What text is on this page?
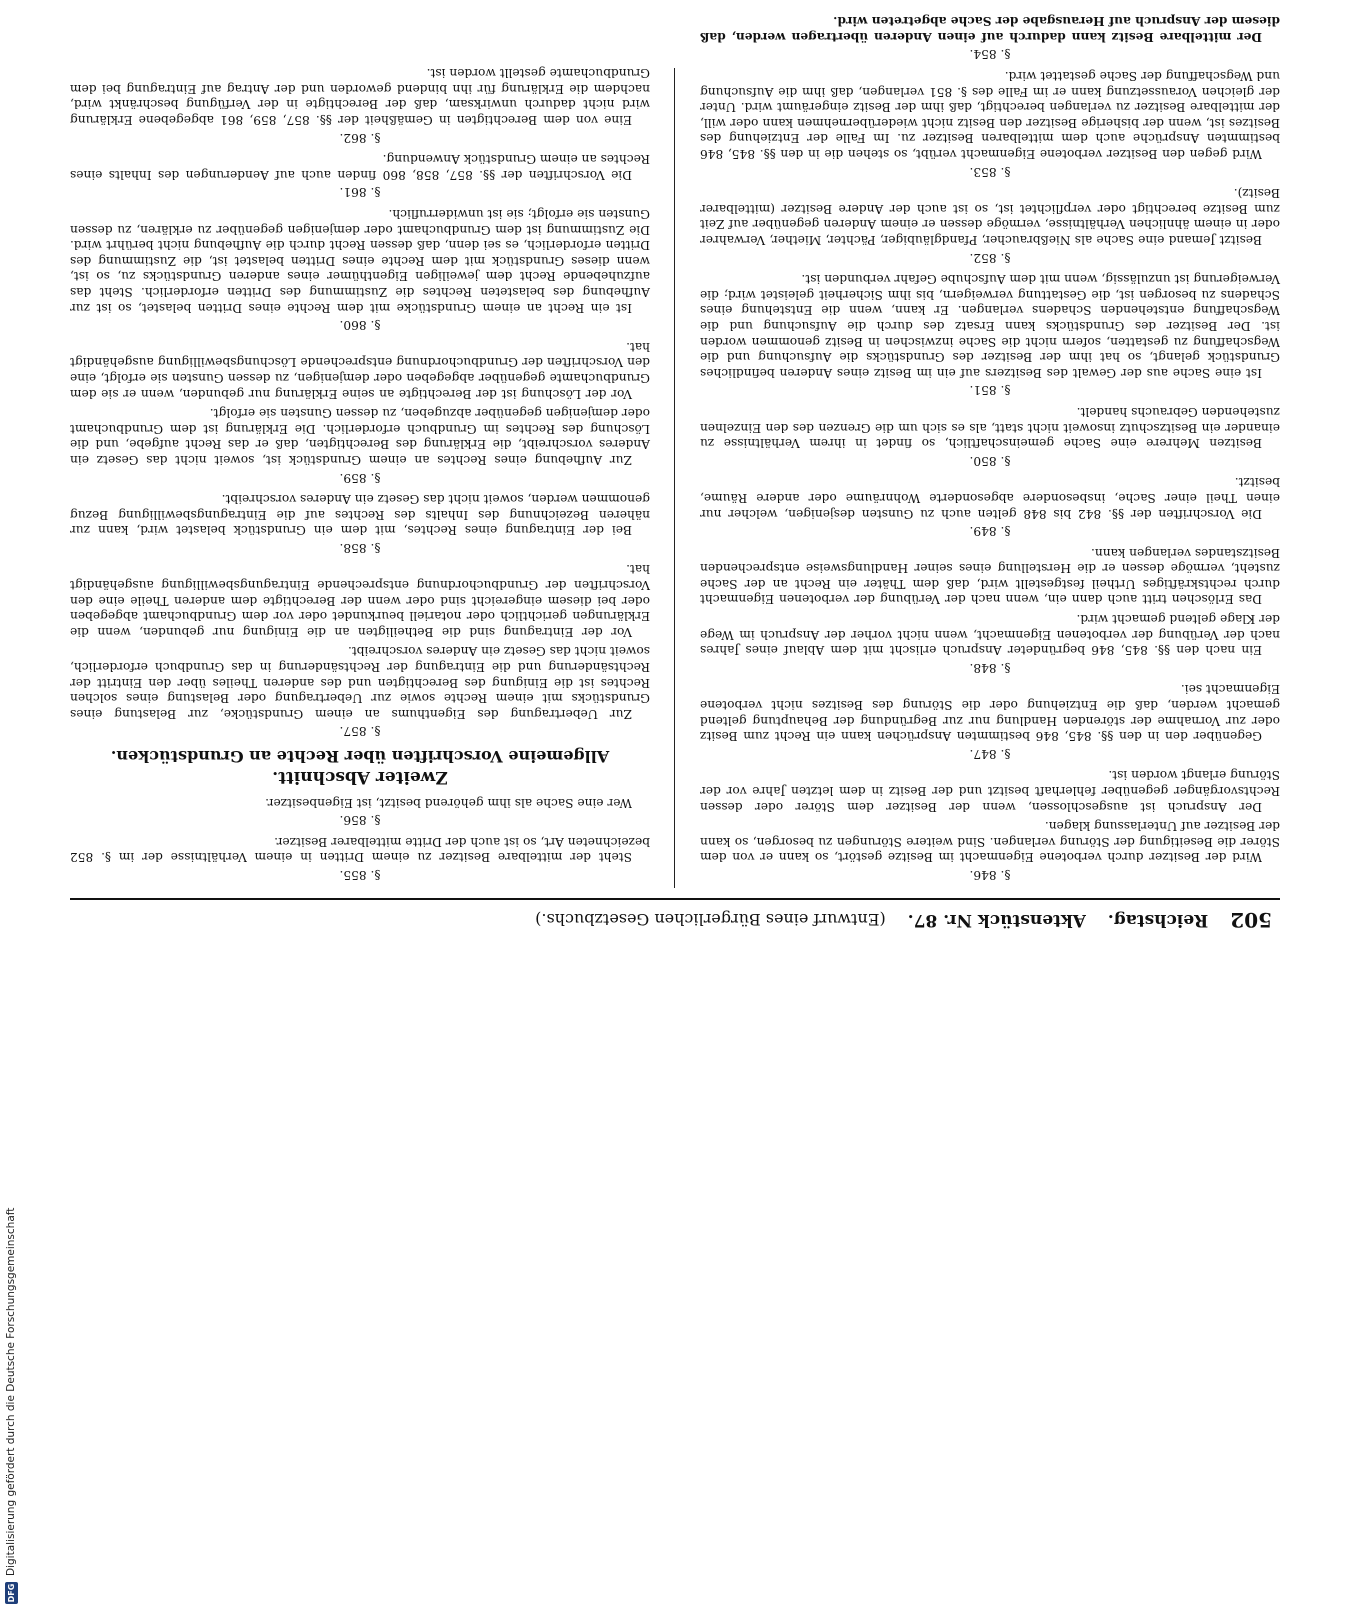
502
Reichstag.
Aktenstück Nr. 87.
(Entwurf eines Bürgerlichen Gesetzbuchs.)
§. 846.
Wird der Besitzer durch verbotene Eigenmacht im Besitze gestört, so kann er von dem Störer die Beseitigung der Störung verlangen. Sind weitere Störungen zu besorgen, so kann der Besitzer auf Unterlassung klagen.
Der Anspruch ist ausgeschlossen, wenn der Besitzer dem Störer oder dessen Rechtsvorgänger gegenüber fehlerhaft besitzt und der Besitz in dem letzten Jahre vor der Störung erlangt worden ist.
§. 847.
Gegenüber den in den §§. 845, 846 bestimmten Ansprüchen kann ein Recht zum Besitz oder zur Vornahme der störenden Handlung nur zur Begründung der Behauptung geltend gemacht werden, daß die Entziehung oder die Störung des Besitzes nicht verbotene Eigenmacht sei.
§. 848.
Ein nach den §§. 845, 846 begründeter Anspruch erlischt mit dem Ablauf eines Jahres nach der Verübung der verbotenen Eigenmacht, wenn nicht vorher der Anspruch im Wege der Klage geltend gemacht wird.
Das Erlöschen tritt auch dann ein, wenn nach der Verübung der verbotenen Eigenmacht durch rechtskräftiges Urtheil festgestellt wird, daß dem Thäter ein Recht an der Sache zusteht, vermöge dessen er die Herstellung eines seiner Handlungsweise entsprechenden Besitzstandes verlangen kann.
§. 849.
Die Vorschriften der §§. 842 bis 848 gelten auch zu Gunsten desjenigen, welcher nur einen Theil einer Sache, insbesondere abgesonderte Wohnräume oder andere Räume, besitzt.
§. 850.
Besitzen Mehrere eine Sache gemeinschaftlich, so findet in ihrem Verhältnisse zu einander ein Besitzschutz insoweit nicht statt, als es sich um die Grenzen des den Einzelnen zustehenden Gebrauchs handelt.
§. 851.
Ist eine Sache aus der Gewalt des Besitzers auf ein im Besitz eines Anderen befindliches Grundstück gelangt, so hat ihm der Besitzer des Grundstücks die Aufsuchung und die Wegschaffung zu gestatten, sofern nicht die Sache inzwischen in Besitz genommen worden ist. Der Besitzer des Grundstücks kann Ersatz des durch die Aufsuchung und die Wegschaffung entstehenden Schadens verlangen. Er kann, wenn die Entstehung eines Schadens zu besorgen ist, die Gestattung verweigern, bis ihm Sicherheit geleistet wird; die Verweigerung ist unzulässig, wenn mit dem Aufschube Gefahr verbunden ist.
§. 852.
Besitzt Jemand eine Sache als Nießbraucher, Pfandgläubiger, Pächter, Miether, Verwahrer oder in einem ähnlichen Verhältnisse, vermöge dessen er einem Anderen gegenüber auf Zeit zum Besitze berechtigt oder verpflichtet ist, so ist auch der Andere Besitzer (mittelbarer Besitz).
§. 853.
Wird gegen den Besitzer verbotene Eigenmacht verübt, so stehen die in den §§. 845, 846 bestimmten Ansprüche auch dem mittelbaren Besitzer zu. Im Falle der Entziehung des Besitzes ist, wenn der bisherige Besitzer den Besitz nicht wiederübernehmen kann oder will, der mittelbare Besitzer zu verlangen berechtigt, daß ihm der Besitz eingeräumt wird. Unter der gleichen Voraussetzung kann er im Falle des §. 851 verlangen, daß ihm die Aufsuchung und Wegschaffung der Sache gestattet wird.
§. 854.
Der mittelbare Besitz kann dadurch auf einen Anderen übertragen werden, daß diesem der Anspruch auf Herausgabe der Sache abgetreten wird.
§. 855.
Steht der mittelbare Besitzer zu einem Dritten in einem Verhältnisse der im §. 852 bezeichneten Art, so ist auch der Dritte mittelbarer Besitzer.
§. 856.
Wer eine Sache als ihm gehörend besitzt, ist Eigenbesitzer.
Zweiter Abschnitt.
Allgemeine Vorschriften über Rechte an Grundstücken.
§. 857.
Zur Uebertragung des Eigenthums an einem Grundstücke, zur Belastung eines Grundstücks mit einem Rechte sowie zur Uebertragung oder Belastung eines solchen Rechtes ist die Einigung des Berechtigten und des anderen Theiles über den Eintritt der Rechtsänderung und die Eintragung der Rechtsänderung in das Grundbuch erforderlich, soweit nicht das Gesetz ein Anderes vorschreibt.
Vor der Eintragung sind die Betheiligten an die Einigung nur gebunden, wenn die Erklärungen gerichtlich oder notariell beurkundet oder vor dem Grundbuchamt abgegeben oder bei diesem eingereicht sind oder wenn der Berechtigte dem anderen Theile eine den Vorschriften der Grundbuchordnung entsprechende Eintragungsbewilligung ausgehändigt hat.
§. 858.
Bei der Eintragung eines Rechtes, mit dem ein Grundstück belastet wird, kann zur näheren Bezeichnung des Inhalts des Rechtes auf die Eintragungsbewilligung Bezug genommen werden, soweit nicht das Gesetz ein Anderes vorschreibt.
§. 859.
Zur Aufhebung eines Rechtes an einem Grundstück ist, soweit nicht das Gesetz ein Anderes vorschreibt, die Erklärung des Berechtigten, daß er das Recht aufgebe, und die Löschung des Rechtes im Grundbuch erforderlich. Die Erklärung ist dem Grundbuchamt oder demjenigen gegenüber abzugeben, zu dessen Gunsten sie erfolgt.
Vor der Löschung ist der Berechtigte an seine Erklärung nur gebunden, wenn er sie dem Grundbuchamte gegenüber abgegeben oder demjenigen, zu dessen Gunsten sie erfolgt, eine den Vorschriften der Grundbuchordnung entsprechende Löschungsbewilligung ausgehändigt hat.
§. 860.
Ist ein Recht an einem Grundstücke mit dem Rechte eines Dritten belastet, so ist zur Aufhebung des belasteten Rechtes die Zustimmung des Dritten erforderlich. Steht das aufzuhebende Recht dem jeweiligen Eigenthümer eines anderen Grundstücks zu, so ist, wenn dieses Grundstück mit dem Rechte eines Dritten belastet ist, die Zustimmung des Dritten erforderlich, es sei denn, daß dessen Recht durch die Aufhebung nicht berührt wird. Die Zustimmung ist dem Grundbuchamt oder demjenigen gegenüber zu erklären, zu dessen Gunsten sie erfolgt; sie ist unwiderruflich.
§. 861.
Die Vorschriften der §§. 857, 858, 860 finden auch auf Aenderungen des Inhalts eines Rechtes an einem Grundstück Anwendung.
§. 862.
Eine von dem Berechtigten in Gemäßheit der §§. 857, 859, 861 abgegebene Erklärung wird nicht dadurch unwirksam, daß der Berechtigte in der Verfügung beschränkt wird, nachdem die Erklärung für ihn bindend geworden und der Antrag auf Eintragung bei dem Grundbuchamte gestellt worden ist.
DFG
Digitalisierung gefördert durch die Deutsche Forschungsgemeinschaft
